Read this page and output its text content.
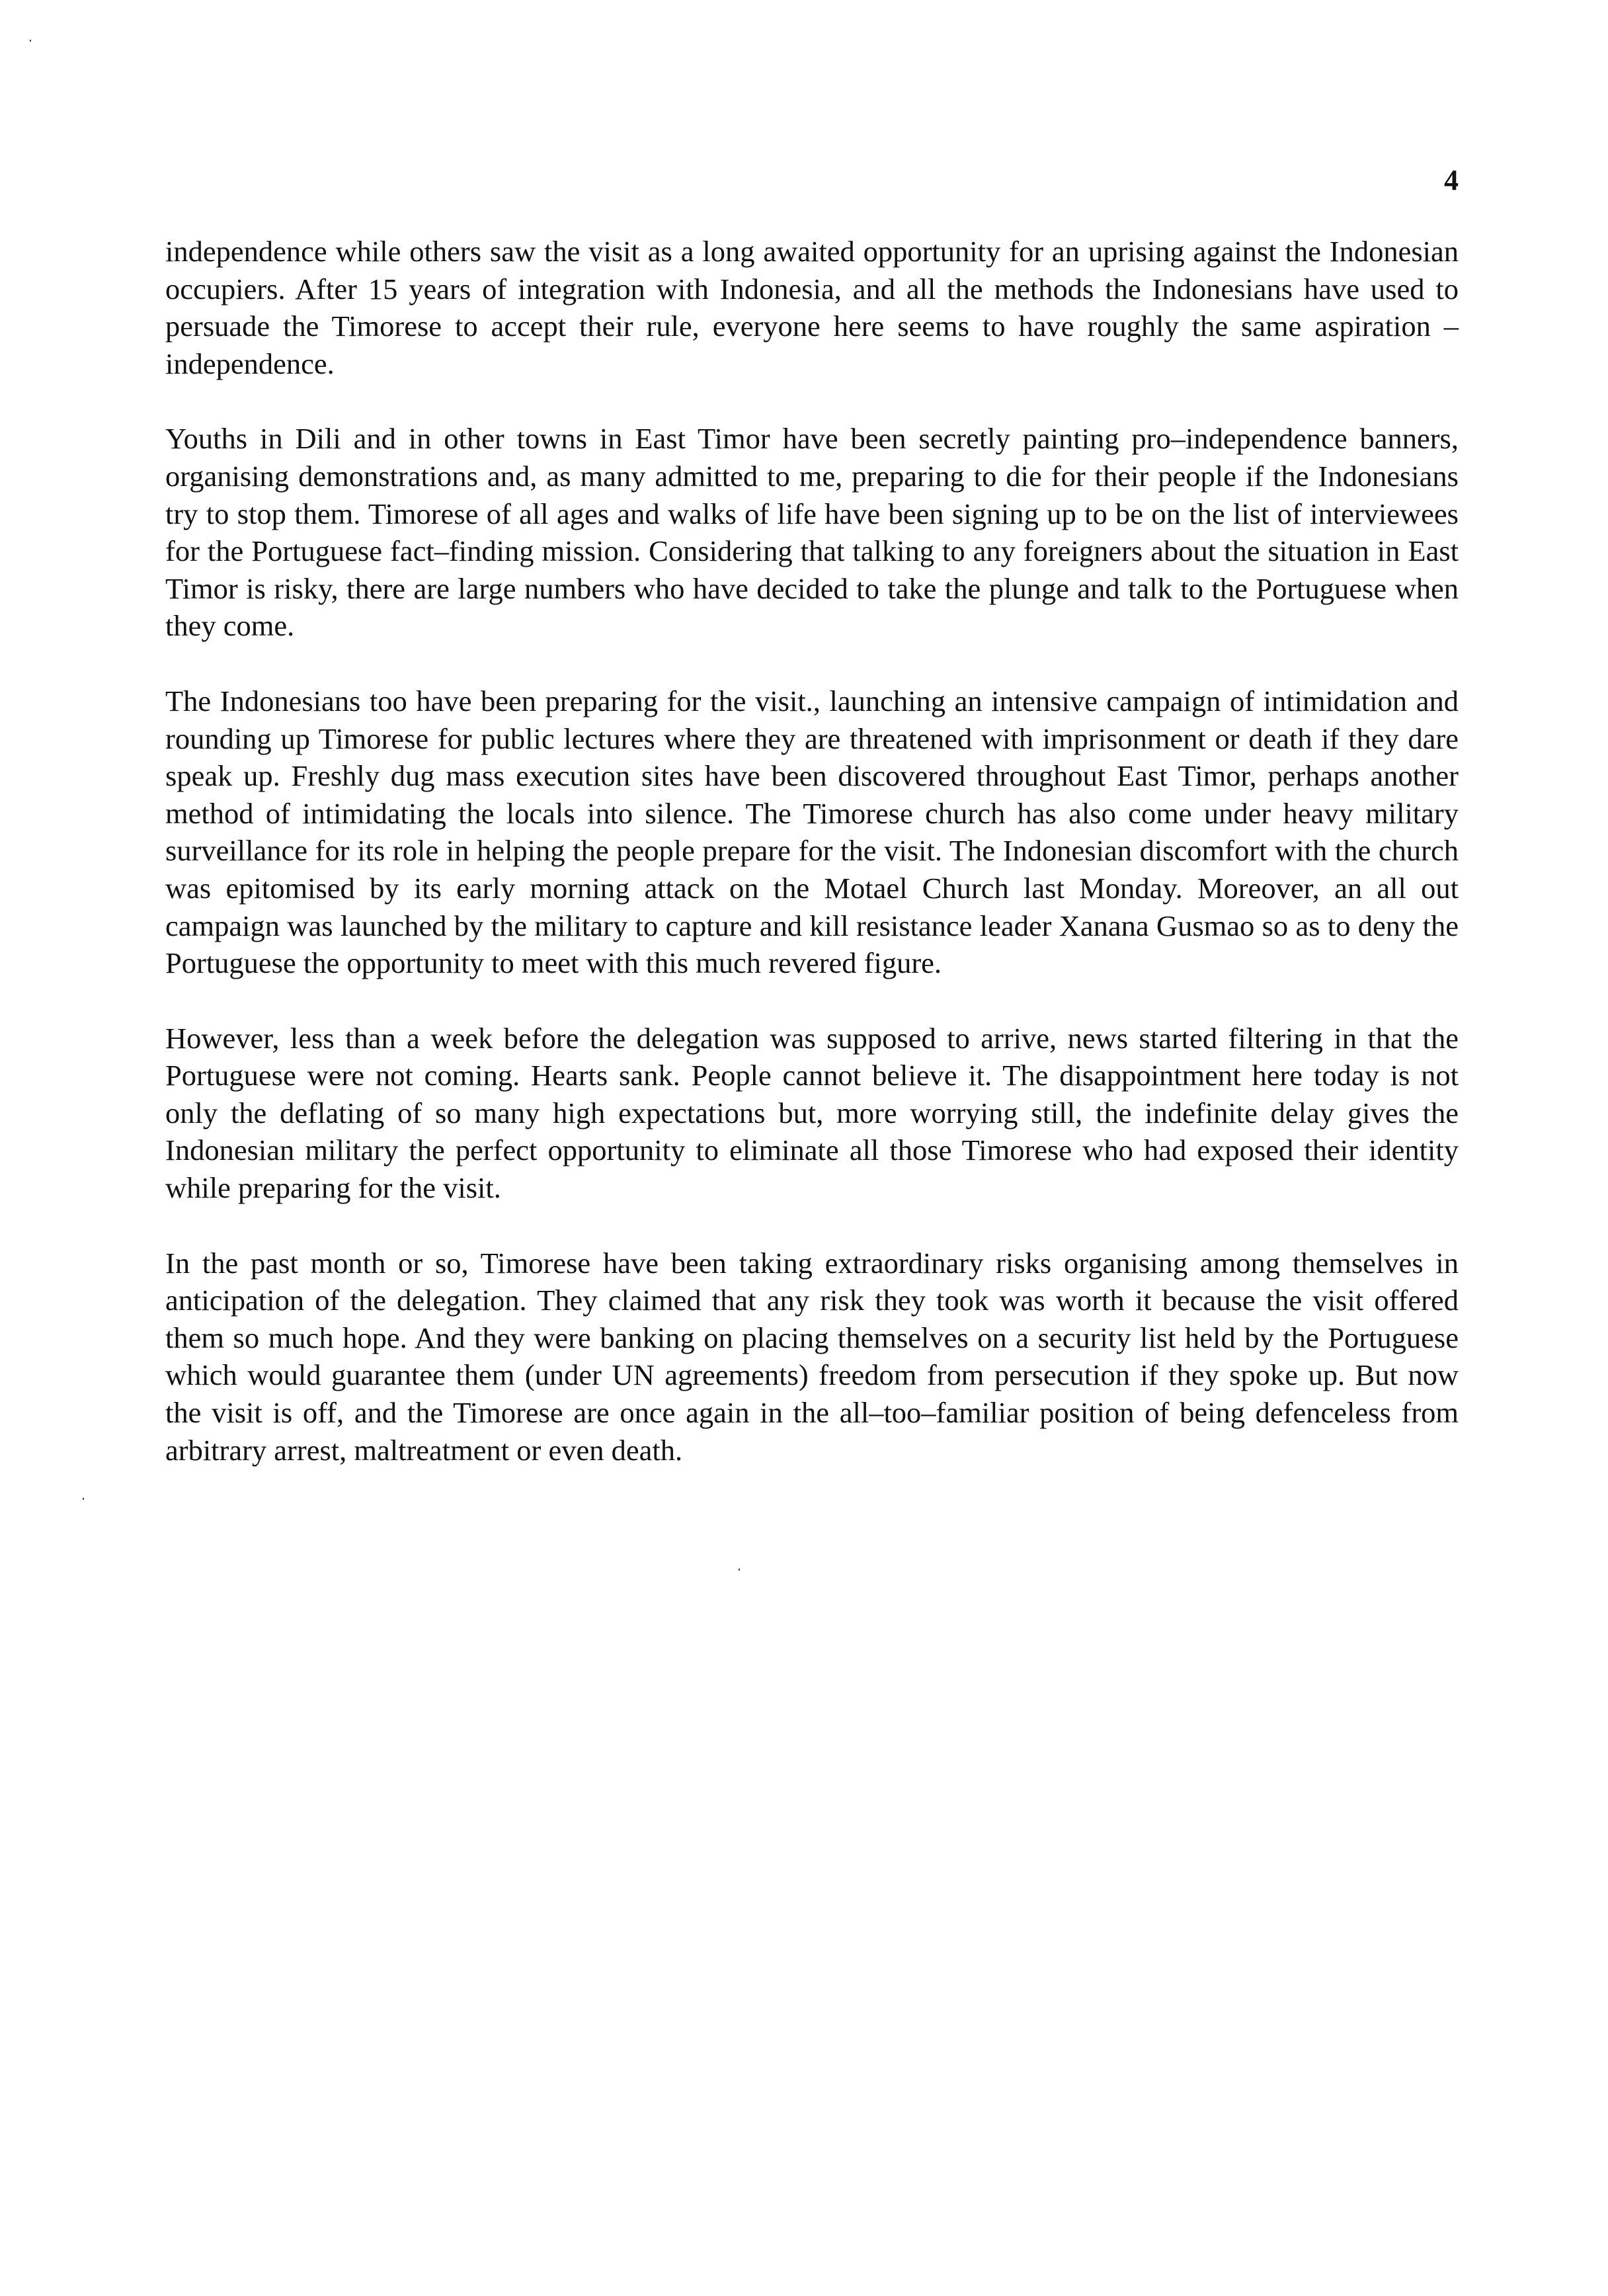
4

independence while others saw the visit as a long awaited opportunity for an uprising against the Indonesian occupiers. After 15 years of integration with Indonesia, and all the methods the Indonesians have used to persuade the Timorese to accept their rule, everyone here seems to have roughly the same aspiration – independence.

Youths in Dili and in other towns in East Timor have been secretly painting pro–independence banners, organising demonstrations and, as many admitted to me, preparing to die for their people if the Indonesians try to stop them. Timorese of all ages and walks of life have been signing up to be on the list of interviewees for the Portuguese fact–finding mission. Considering that talking to any foreigners about the situation in East Timor is risky, there are large numbers who have decided to take the plunge and talk to the Portuguese when they come.

The Indonesians too have been preparing for the visit., launching an intensive campaign of intimidation and rounding up Timorese for public lectures where they are threatened with imprisonment or death if they dare speak up. Freshly dug mass execution sites have been discovered throughout East Timor, perhaps another method of intimidating the locals into silence. The Timorese church has also come under heavy military surveillance for its role in helping the people prepare for the visit. The Indonesian discomfort with the church was epitomised by its early morning attack on the Motael Church last Monday. Moreover, an all out campaign was launched by the military to capture and kill resistance leader Xanana Gusmao so as to deny the Portuguese the opportunity to meet with this much revered figure.

However, less than a week before the delegation was supposed to arrive, news started filtering in that the Portuguese were not coming. Hearts sank. People cannot believe it. The disappointment here today is not only the deflating of so many high expectations but, more worrying still, the indefinite delay gives the Indonesian military the perfect opportunity to eliminate all those Timorese who had exposed their identity while preparing for the visit.

In the past month or so, Timorese have been taking extraordinary risks organising among themselves in anticipation of the delegation. They claimed that any risk they took was worth it because the visit offered them so much hope. And they were banking on placing themselves on a security list held by the Portuguese which would guarantee them (under UN agreements) freedom from persecution if they spoke up. But now the visit is off, and the Timorese are once again in the all–too–familiar position of being defenceless from arbitrary arrest, maltreatment or even death.
